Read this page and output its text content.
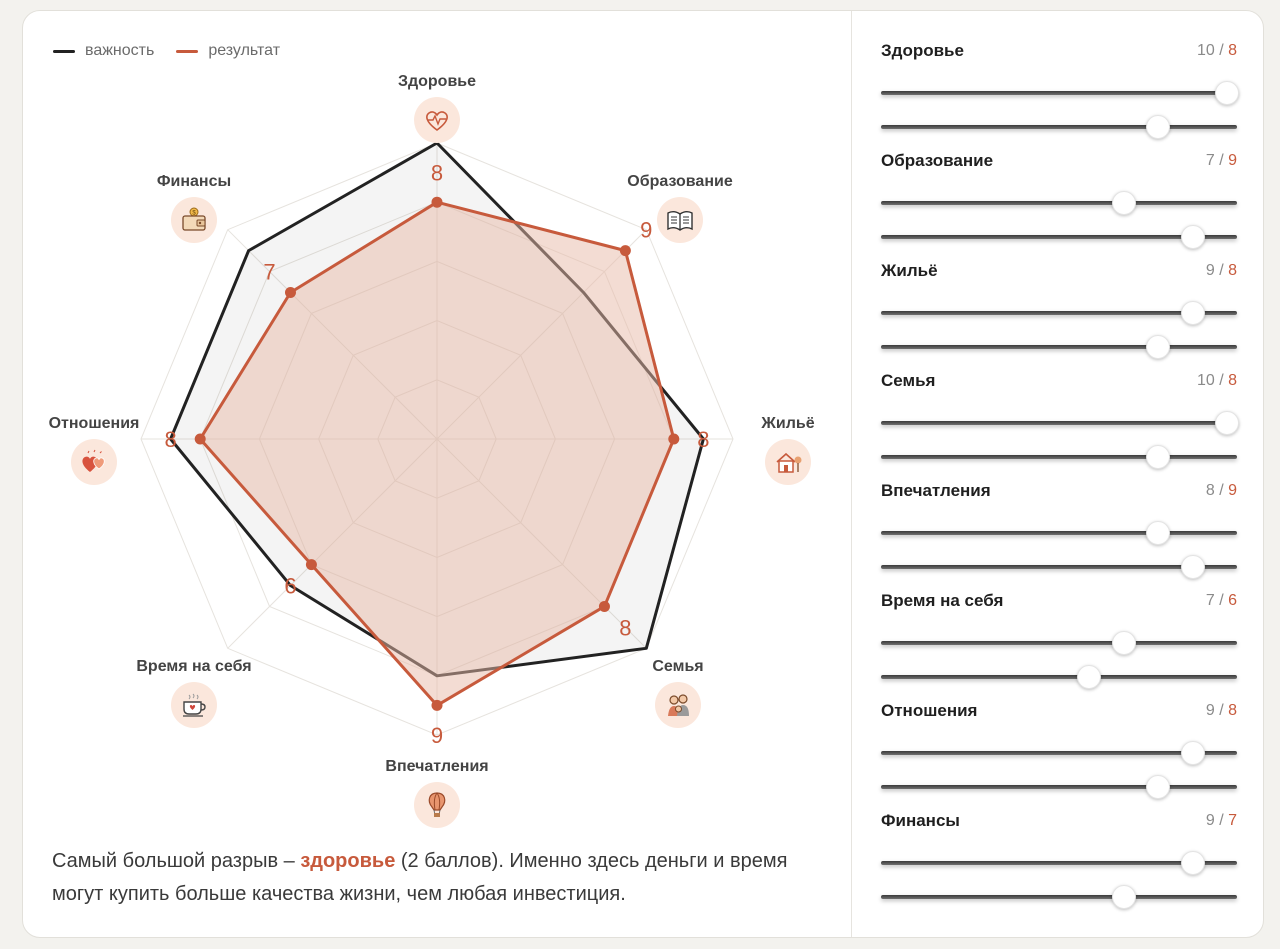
важность	результат
8
9
8
8
9
6
8
7
Здоровье
Образование
Жильё
Семья
Впечатления
Время на себя
Отношения
Финансы
$
Самый большой разрыв – здоровье (2 баллов). Именно здесь деньги и время могут купить больше качества жизни, чем любая инвестиция.
Здоровье	10 / 8
Образование	7 / 9
Жильё	9 / 8
Семья	10 / 8
Впечатления	8 / 9
Время на себя	7 / 6
Отношения	9 / 8
Финансы	9 / 7
